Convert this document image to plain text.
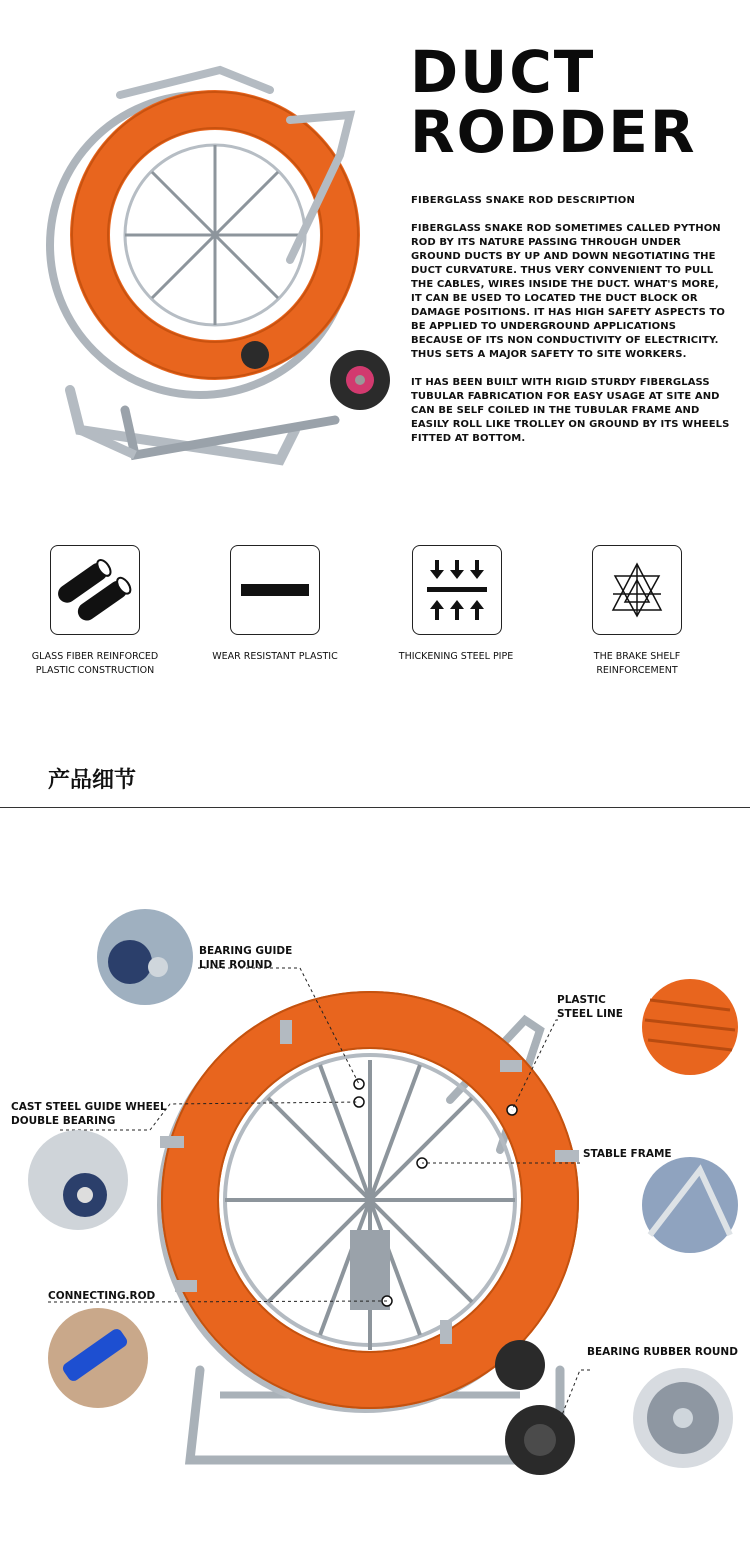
DUCT
RODDER
FIBERGLASS SNAKE ROD DESCRIPTION
FIBERGLASS SNAKE ROD SOMETIMES CALLED PYTHON ROD BY ITS NATURE PASSING THROUGH UNDER GROUND DUCTS BY UP AND DOWN NEGOTIATING THE DUCT CURVATURE. THUS VERY CONVENIENT TO PULL THE CABLES, WIRES INSIDE THE DUCT. WHAT'S MORE, IT CAN BE USED TO LOCATED THE DUCT BLOCK OR DAMAGE POSITIONS. IT HAS HIGH SAFETY ASPECTS TO BE APPLIED TO UNDERGROUND APPLICATIONS BECAUSE OF ITS NON CONDUCTIVITY OF ELECTRICITY. THUS SETS A MAJOR SAFETY TO SITE WORKERS.
IT HAS BEEN BUILT WITH RIGID STURDY FIBERGLASS TUBULAR FABRICATION FOR EASY USAGE AT SITE AND CAN BE SELF COILED IN THE TUBULAR FRAME AND EASILY ROLL LIKE TROLLEY ON GROUND BY ITS WHEELS FITTED AT BOTTOM.
GLASS FIBER REINFORCED
PLASTIC CONSTRUCTION
WEAR RESISTANT PLASTIC	THICKENING STEEL PIPE	THE BRAKE SHELF
REINFORCEMENT
产品细节
BEARING GUIDE
LINE ROUND
PLASTIC
STEEL LINE
CAST STEEL GUIDE WHEEL
DOUBLE BEARING
STABLE FRAME
CONNECTING.ROD
BEARING RUBBER ROUND
